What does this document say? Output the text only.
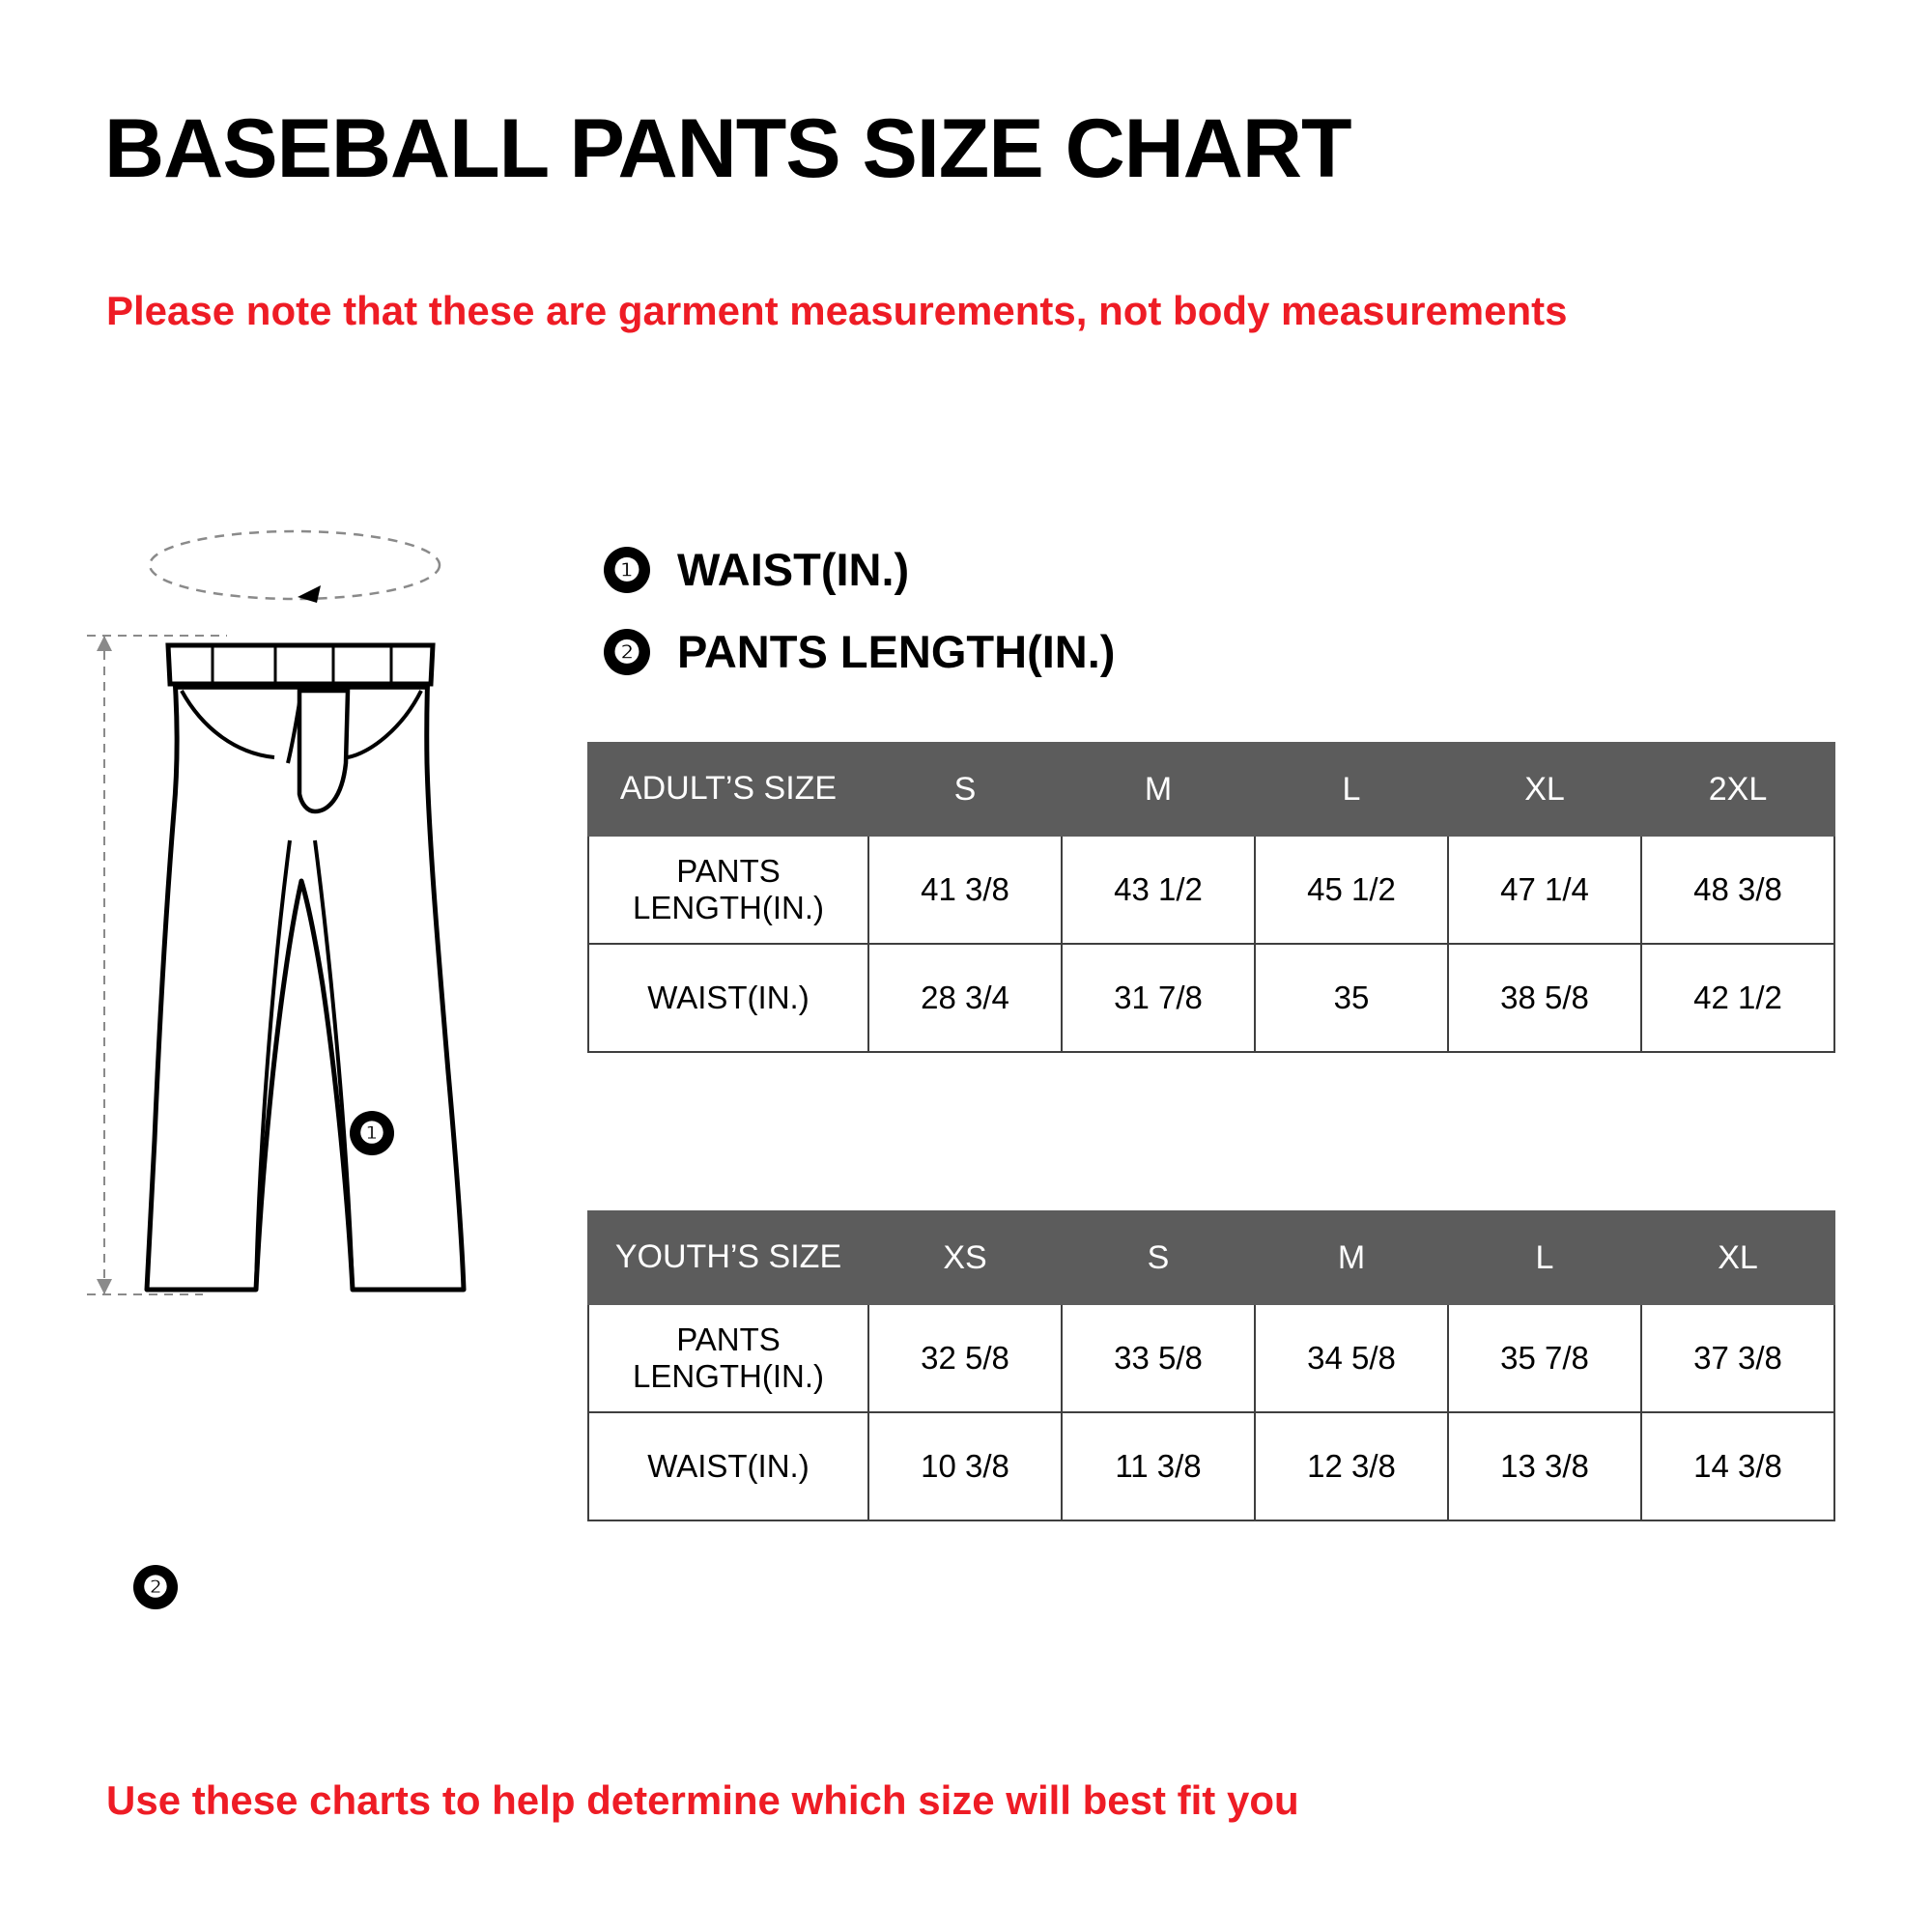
BASEBALL PANTS SIZE CHART
Please note that these are garment measurements, not body measurements
❶ WAIST(IN.)
❷ PANTS LENGTH(IN.)
❶
❷
ADULT’S SIZE	S	M	L	XL	2XL
PANTS LENGTH(IN.)	41 3/8	43 1/2	45 1/2	47 1/4	48 3/8
WAIST(IN.)	28 3/4	31 7/8	35	38 5/8	42 1/2
YOUTH’S SIZE	XS	S	M	L	XL
PANTS LENGTH(IN.)	32 5/8	33 5/8	34 5/8	35 7/8	37 3/8
WAIST(IN.)	10 3/8	11 3/8	12 3/8	13 3/8	14 3/8
Use these charts to help determine which size will best fit you
